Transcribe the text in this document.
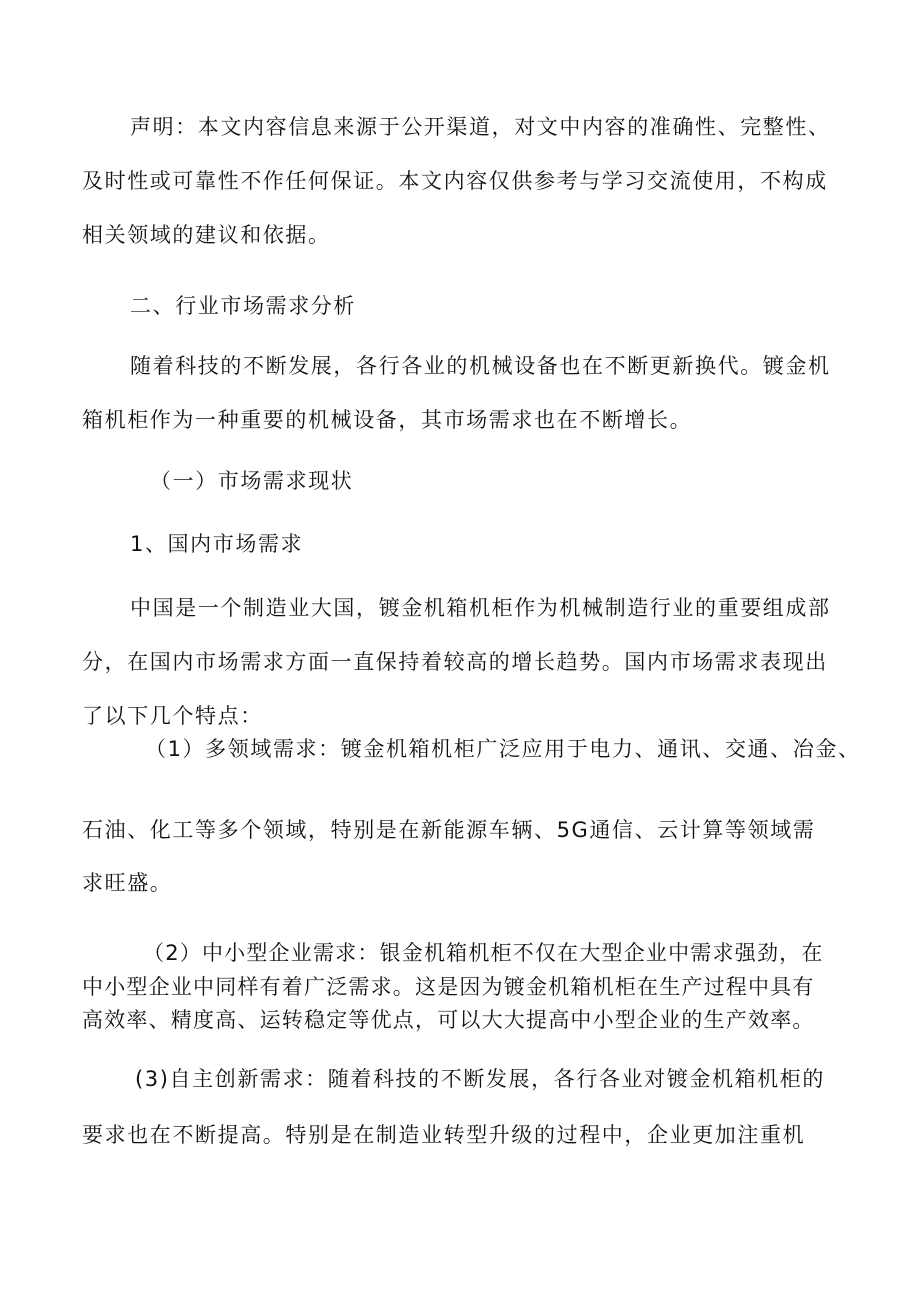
声明：本文内容信息来源于公开渠道，对文中内容的准确性、完整性、

及时性或可靠性不作任何保证。本文内容仅供参考与学习交流使用，不构成

相关领域的建议和依据。

二、行业市场需求分析

随着科技的不断发展，各行各业的机械设备也在不断更新换代。镀金机

箱机柜作为一种重要的机械设备，其市场需求也在不断增长。

（一）市场需求现状

1、国内市场需求

中国是一个制造业大国，镀金机箱机柜作为机械制造行业的重要组成部

分，在国内市场需求方面一直保持着较高的增长趋势。国内市场需求表现出

了以下几个特点：

（1）多领域需求：镀金机箱机柜广泛应用于电力、通讯、交通、冶金、

石油、化工等多个领域，特别是在新能源车辆、5G通信、云计算等领域需

求旺盛。

（2）中小型企业需求：银金机箱机柜不仅在大型企业中需求强劲，在

中小型企业中同样有着广泛需求。这是因为镀金机箱机柜在生产过程中具有

高效率、精度高、运转稳定等优点，可以大大提高中小型企业的生产效率。

(3)自主创新需求：随着科技的不断发展，各行各业对镀金机箱机柜的

要求也在不断提高。特别是在制造业转型升级的过程中，企业更加注重机
